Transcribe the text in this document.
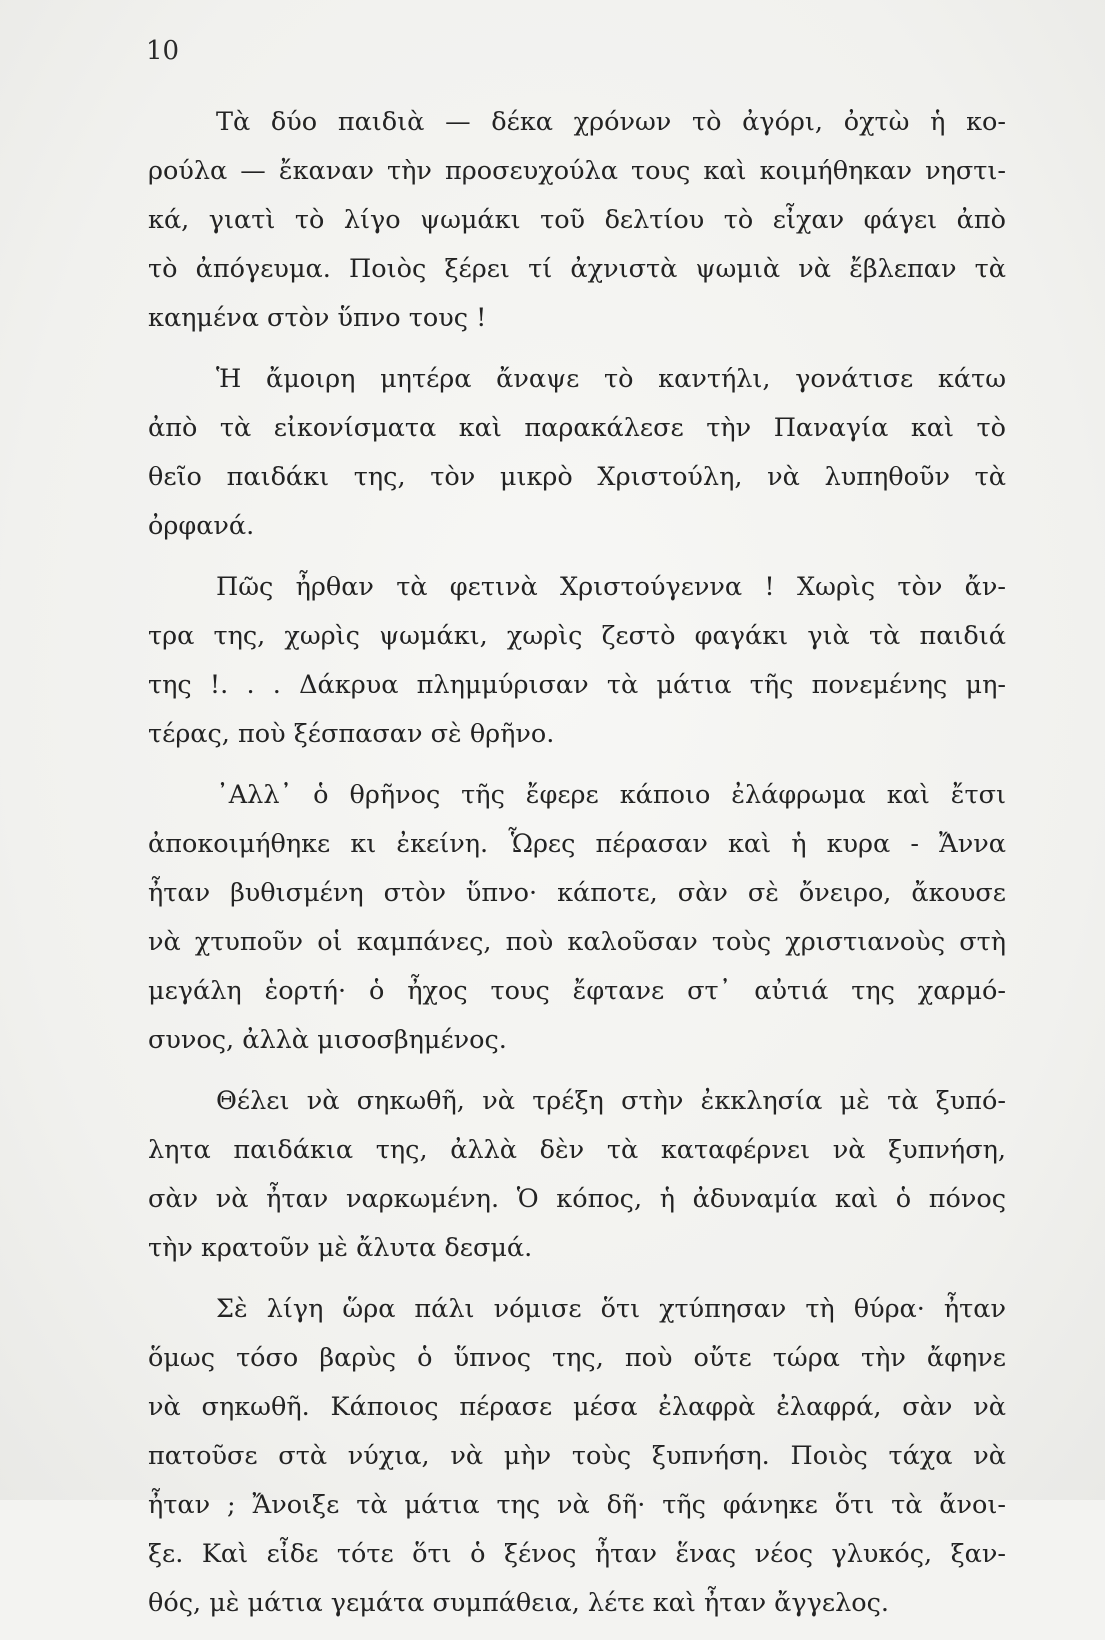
10
Τὰ δύο παιδιὰ — δέκα χρόνων τὸ ἀγόρι, ὀχτὼ ἡ κο-
ρούλα — ἔκαναν τὴν προσευχούλα τους καὶ κοιμήθηκαν νηστι-
κά, γιατὶ τὸ λίγο ψωμάκι τοῦ δελτίου τὸ εἶχαν φάγει ἀπὸ
τὸ ἀπόγευμα. Ποιὸς ξέρει τί ἀχνιστὰ ψωμιὰ νὰ ἔβλεπαν τὰ
καημένα στὸν ὕπνο τους !
Ἡ ἄμοιρη μητέρα ἄναψε τὸ καντήλι, γονάτισε κάτω
ἀπὸ τὰ εἰκονίσματα καὶ παρακάλεσε τὴν Παναγία καὶ τὸ
θεῖο παιδάκι της, τὸν μικρὸ Χριστούλη, νὰ λυπηθοῦν τὰ
ὀρφανά.
Πῶς ἦρθαν τὰ φετινὰ Χριστούγεννα ! Χωρὶς τὸν ἄν-
τρα της, χωρὶς ψωμάκι, χωρὶς ζεστὸ φαγάκι γιὰ τὰ παιδιά
της !. . . Δάκρυα πλημμύρισαν τὰ μάτια τῆς πονεμένης μη-
τέρας, ποὺ ξέσπασαν σὲ θρῆνο.
᾿Αλλ᾿ ὁ θρῆνος τῆς ἔφερε κάποιο ἐλάφρωμα καὶ ἔτσι
ἀποκοιμήθηκε κι ἐκείνη. Ὧρες πέρασαν καὶ ἡ κυρα - Ἄννα
ἦταν βυθισμένη στὸν ὕπνο· κάποτε, σὰν σὲ ὄνειρο, ἄκουσε
νὰ χτυποῦν οἱ καμπάνες, ποὺ καλοῦσαν τοὺς χριστιανοὺς στὴ
μεγάλη ἑορτή· ὁ ἦχος τους ἔφτανε στ᾿ αὐτιά της χαρμό-
συνος, ἀλλὰ μισοσβημένος.
Θέλει νὰ σηκωθῆ, νὰ τρέξη στὴν ἐκκλησία μὲ τὰ ξυπό-
λητα παιδάκια της, ἀλλὰ δὲν τὰ καταφέρνει νὰ ξυπνήση,
σὰν νὰ ἦταν ναρκωμένη. Ὁ κόπος, ἡ ἀδυναμία καὶ ὁ πόνος
τὴν κρατοῦν μὲ ἄλυτα δεσμά.
Σὲ λίγη ὥρα πάλι νόμισε ὅτι χτύπησαν τὴ θύρα· ἦταν
ὅμως τόσο βαρὺς ὁ ὕπνος της, ποὺ οὔτε τώρα τὴν ἄφηνε
νὰ σηκωθῆ. Κάποιος πέρασε μέσα ἐλαφρὰ ἐλαφρά, σὰν νὰ
πατοῦσε στὰ νύχια, νὰ μὴν τοὺς ξυπνήση. Ποιὸς τάχα νὰ
ἦταν ; Ἄνοιξε τὰ μάτια της νὰ δῆ· τῆς φάνηκε ὅτι τὰ ἄνοι-
ξε. Καὶ εἶδε τότε ὅτι ὁ ξένος ἦταν ἕνας νέος γλυκός, ξαν-
θός, μὲ μάτια γεμάτα συμπάθεια, λέτε καὶ ἦταν ἄγγελος.
